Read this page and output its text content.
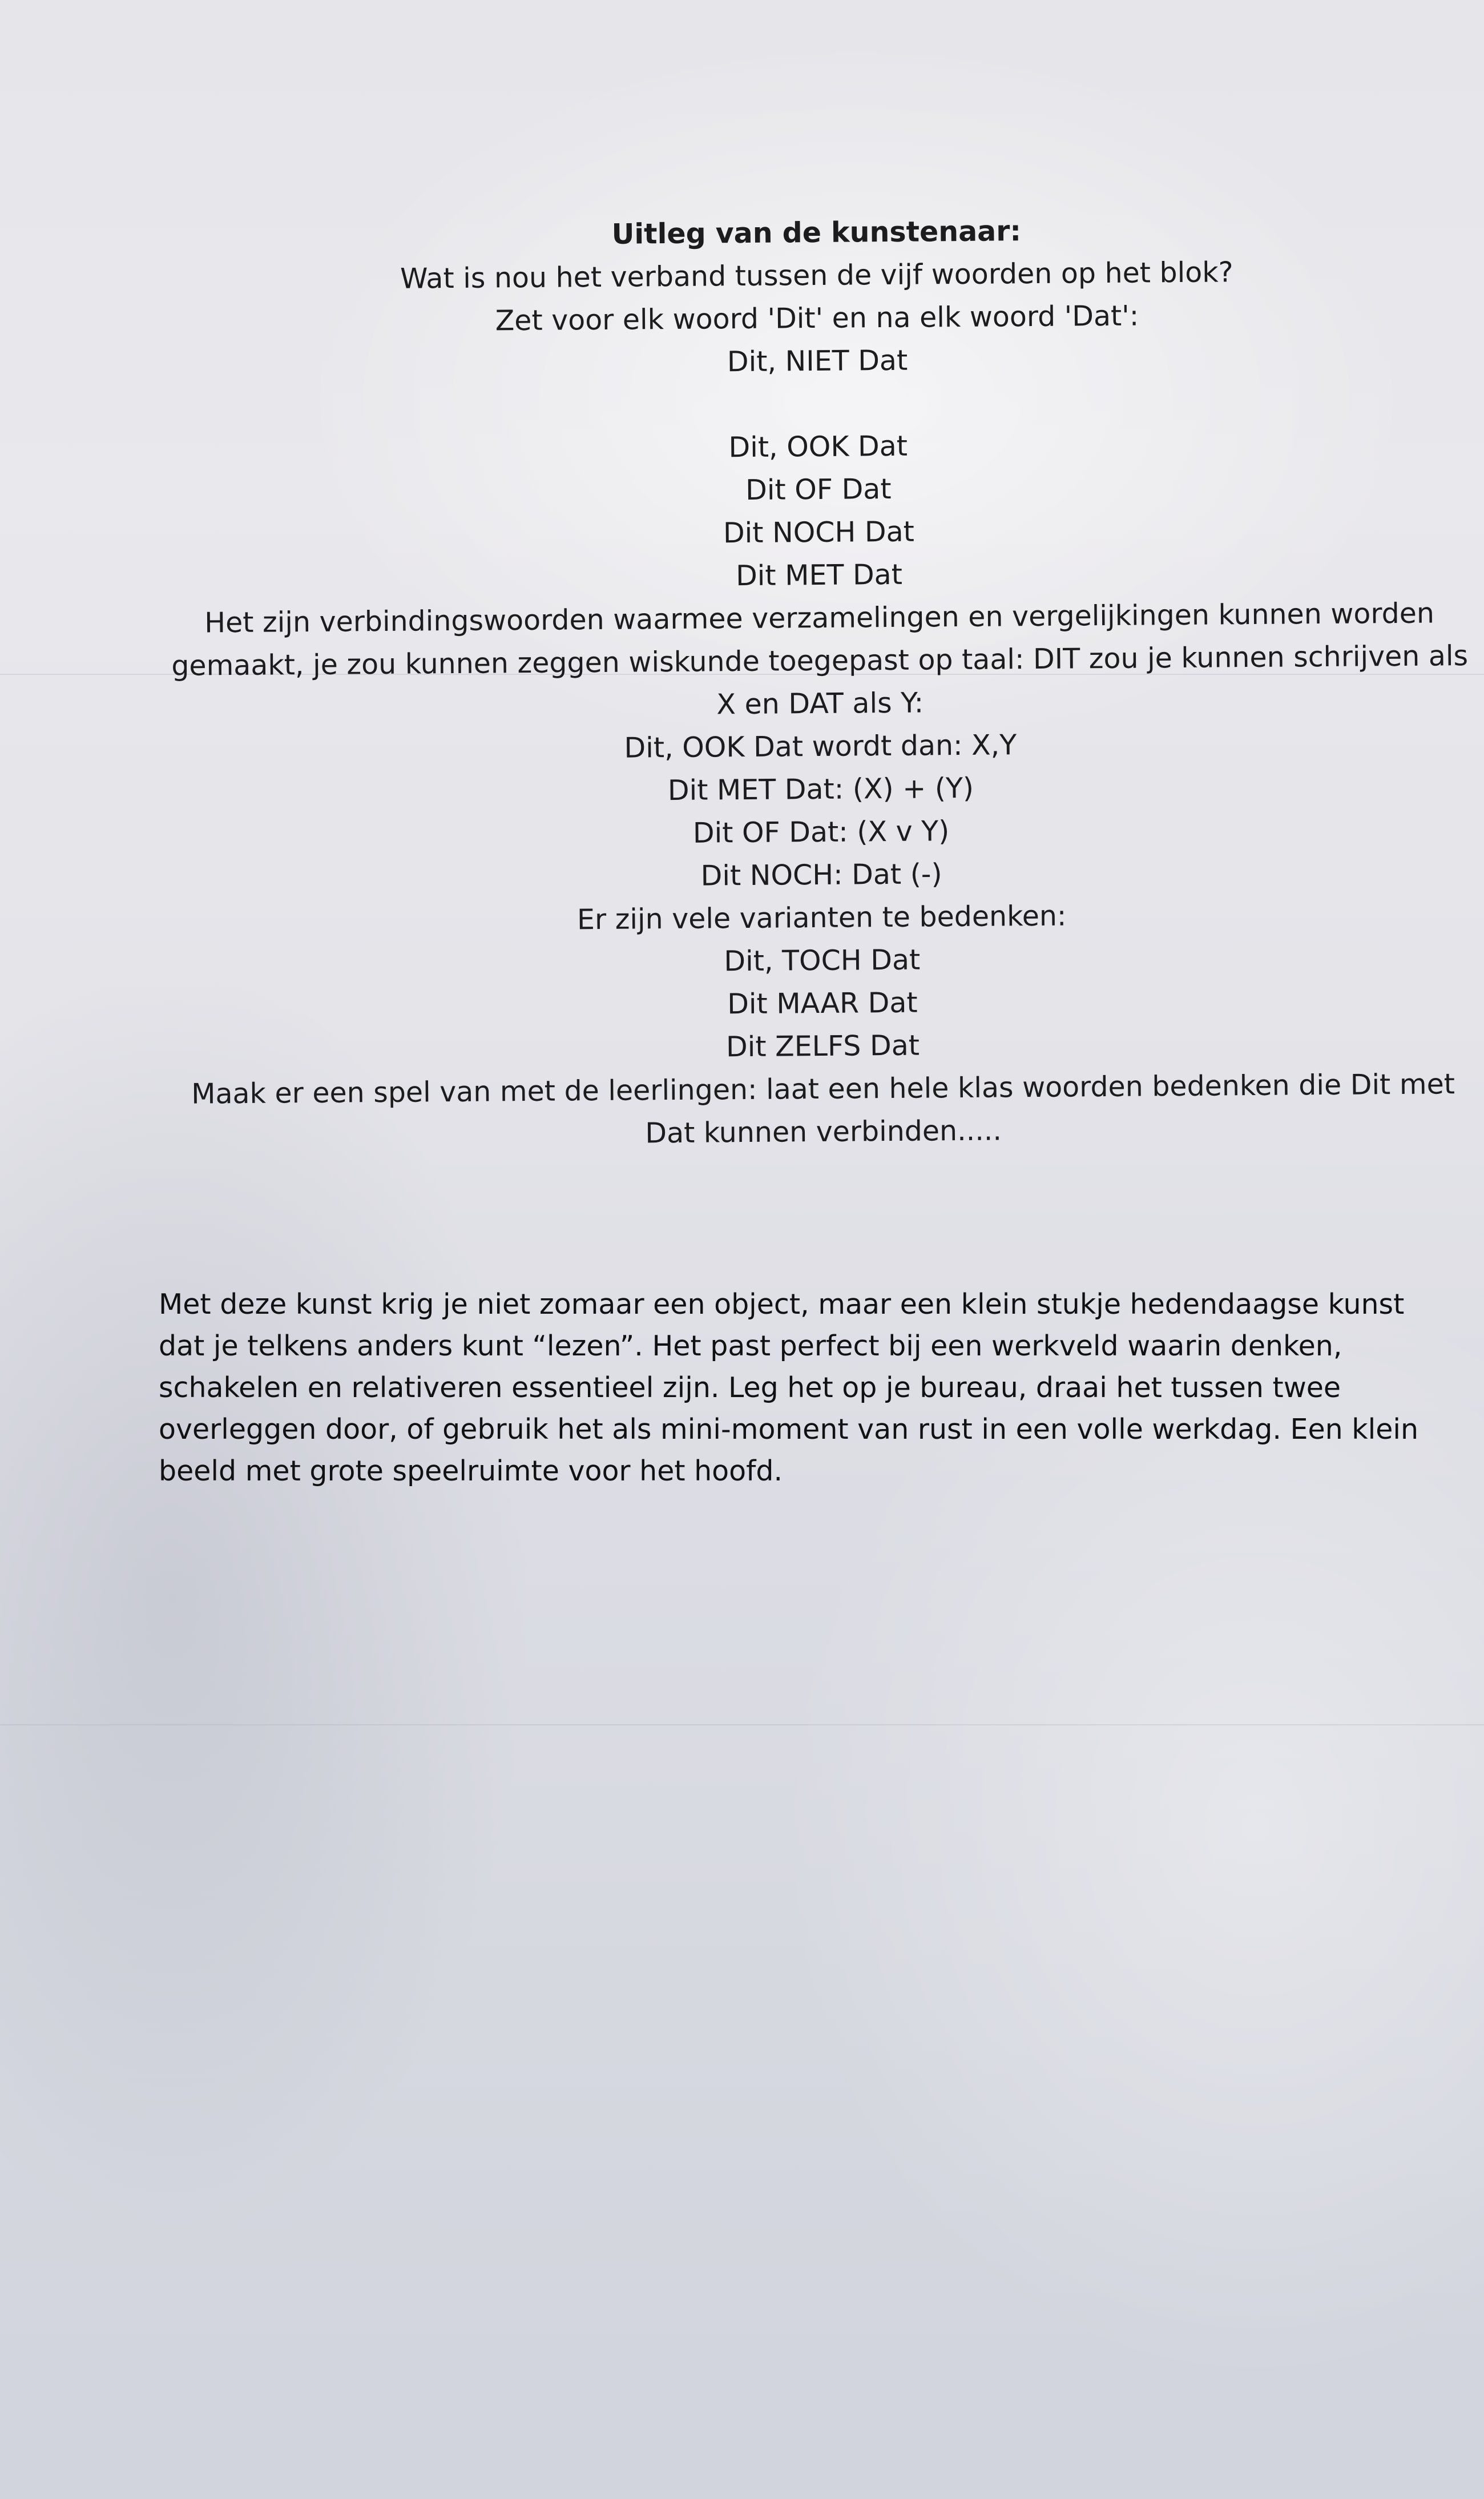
Uitleg van de kunstenaar:
Wat is nou het verband tussen de vijf woorden op het blok?
Zet voor elk woord 'Dit' en na elk woord 'Dat':
Dit, NIET Dat
Dit, OOK Dat
Dit OF Dat
Dit NOCH Dat
Dit MET Dat
Het zijn verbindingswoorden waarmee verzamelingen en vergelijkingen kunnen worden
gemaakt, je zou kunnen zeggen wiskunde toegepast op taal: DIT zou je kunnen schrijven als
X en DAT als Y:
Dit, OOK Dat wordt dan: X,Y
Dit MET Dat: (X) + (Y)
Dit OF Dat: (X v Y)
Dit NOCH: Dat (-)
Er zijn vele varianten te bedenken:
Dit, TOCH Dat
Dit MAAR Dat
Dit ZELFS Dat
Maak er een spel van met de leerlingen: laat een hele klas woorden bedenken die Dit met
Dat kunnen verbinden.....
Met deze kunst krig je niet zomaar een object, maar een klein stukje hedendaagse kunst
dat je telkens anders kunt “lezen”. Het past perfect bij een werkveld waarin denken,
schakelen en relativeren essentieel zijn. Leg het op je bureau, draai het tussen twee
overleggen door, of gebruik het als mini-moment van rust in een volle werkdag. Een klein
beeld met grote speelruimte voor het hoofd.
